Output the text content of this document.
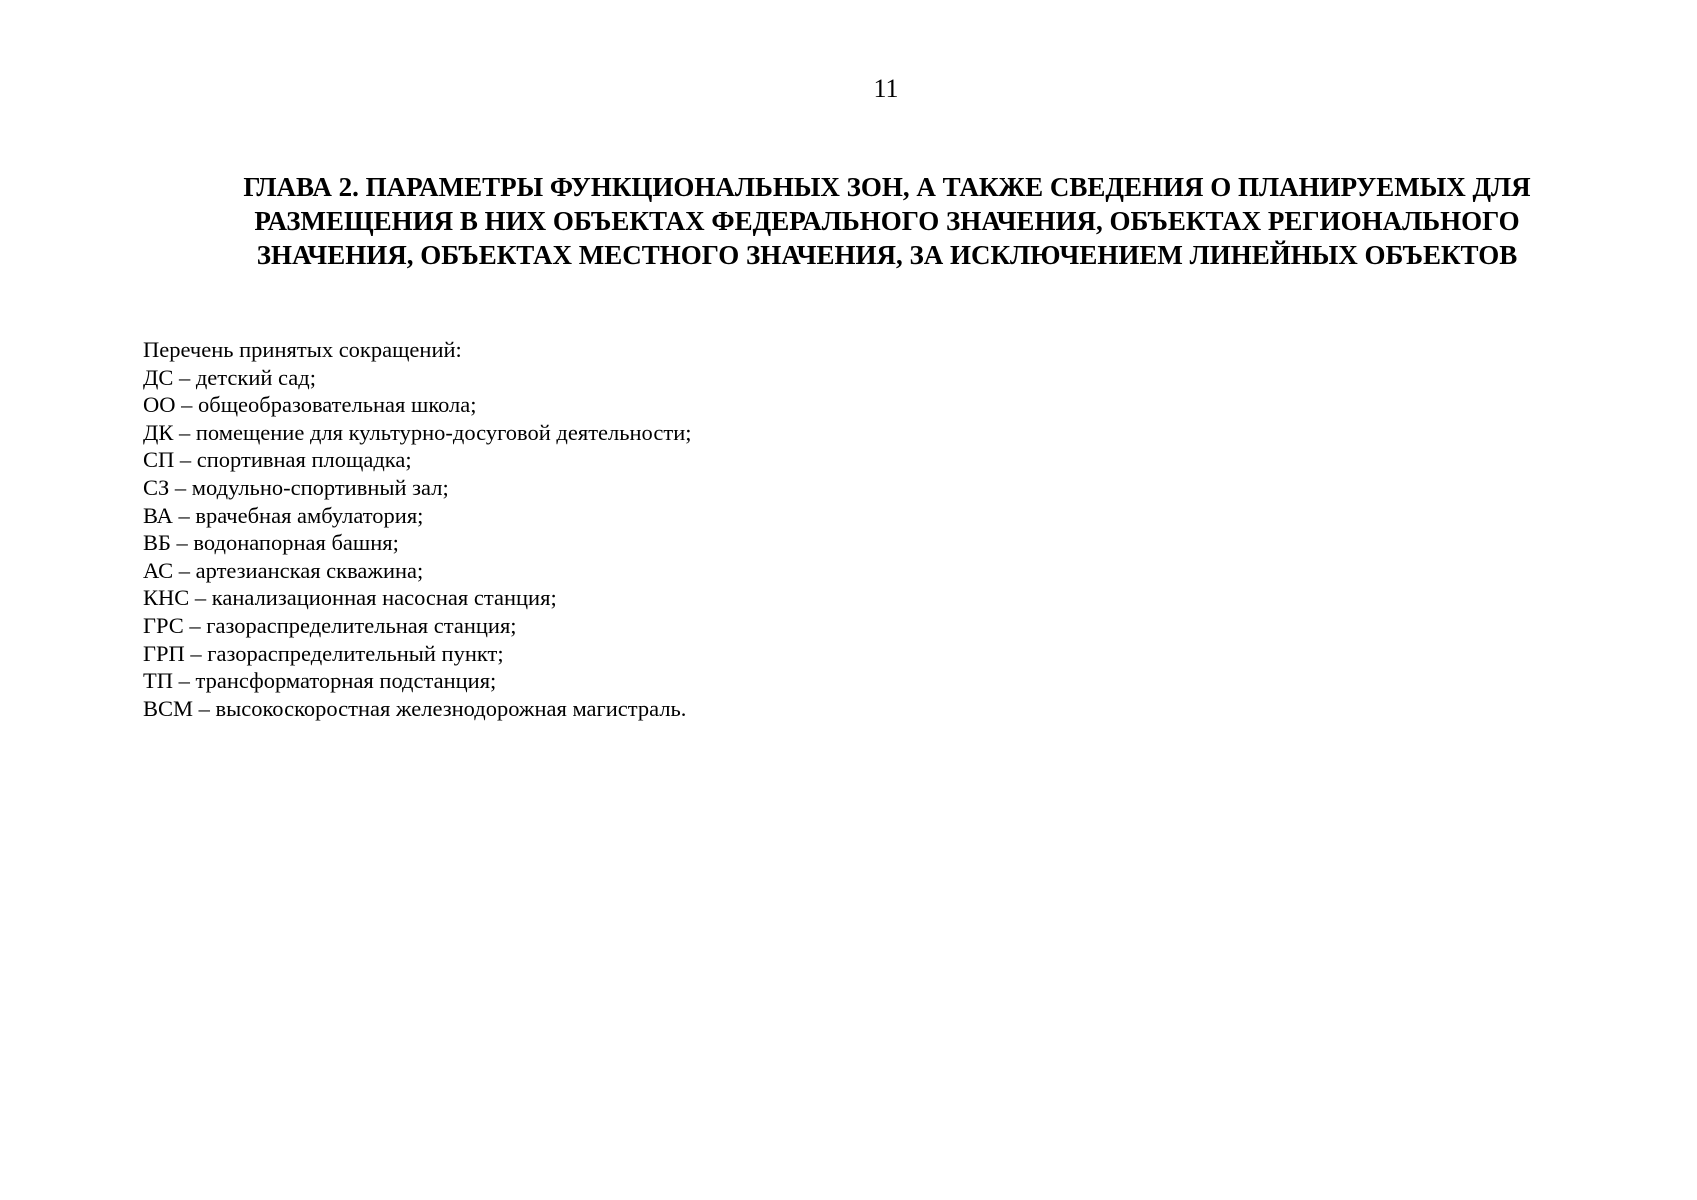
11
ГЛАВА 2. ПАРАМЕТРЫ ФУНКЦИОНАЛЬНЫХ ЗОН, А ТАКЖЕ СВЕДЕНИЯ О ПЛАНИРУЕМЫХ ДЛЯ
РАЗМЕЩЕНИЯ В НИХ ОБЪЕКТАХ ФЕДЕРАЛЬНОГО ЗНАЧЕНИЯ, ОБЪЕКТАХ РЕГИОНАЛЬНОГО
ЗНАЧЕНИЯ, ОБЪЕКТАХ МЕСТНОГО ЗНАЧЕНИЯ, ЗА ИСКЛЮЧЕНИЕМ ЛИНЕЙНЫХ ОБЪЕКТОВ
Перечень принятых сокращений:
ДС – детский сад;
ОО – общеобразовательная школа;
ДК – помещение для культурно-досуговой деятельности;
СП – спортивная площадка;
СЗ – модульно-спортивный зал;
ВА – врачебная амбулатория;
ВБ – водонапорная башня;
АС – артезианская скважина;
КНС – канализационная насосная станция;
ГРС – газораспределительная станция;
ГРП – газораспределительный пункт;
ТП – трансформаторная подстанция;
ВСМ – высокоскоростная железнодорожная магистраль.
